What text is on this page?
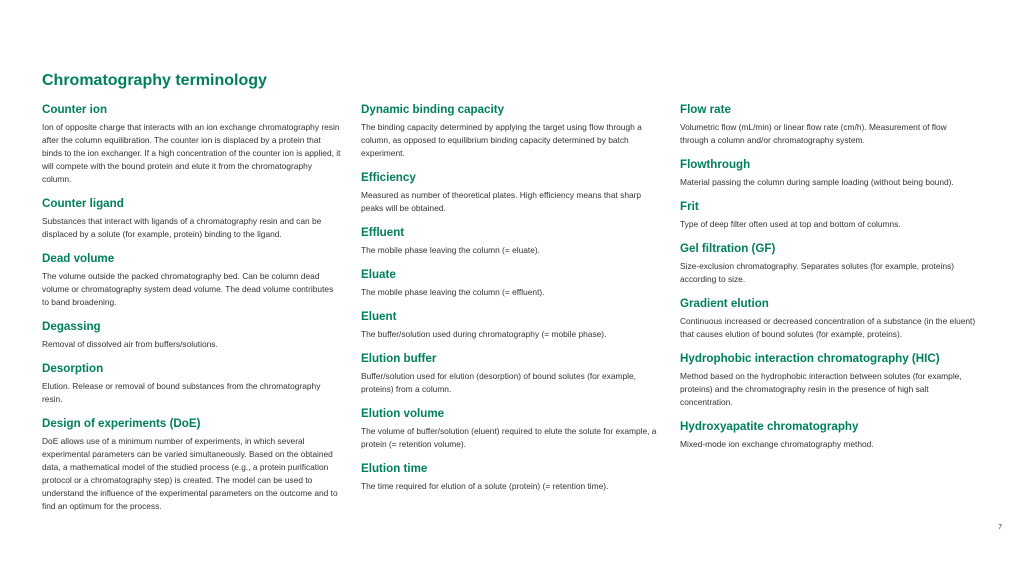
Chromatography terminology
Counter ion

Ion of opposite charge that interacts with an ion exchange chromatography resin after the column equilibration. The counter ion is displaced by a protein that binds to the ion exchanger. If a high concentration of the counter ion is applied, it will compete with the bound protein and elute it from the chromatography column.

Counter ligand

Substances that interact with ligands of a chromatography resin and can be displaced by a solute (for example, protein) binding to the ligand.

Dead volume

The volume outside the packed chromatography bed. Can be column dead volume or chromatography system dead volume. The dead volume contributes to band broadening.

Degassing

Removal of dissolved air from buffers/solutions.

Desorption

Elution. Release or removal of bound substances from the chromatography resin.

Design of experiments (DoE)

DoE allows use of a minimum number of experiments, in which several experimental parameters can be varied simultaneously. Based on the obtained data, a mathematical model of the studied process (e.g., a protein purification protocol or a chromatography step) is created. The model can be used to understand the influence of the experimental parameters on the outcome and to find an optimum for the process.

Dynamic binding capacity

The binding capacity determined by applying the target using flow through a column, as opposed to equilibrium binding capacity determined by batch experiment.

Efficiency

Measured as number of theoretical plates. High efficiency means that sharp peaks will be obtained.

Effluent

The mobile phase leaving the column (= eluate).

Eluate

The mobile phase leaving the column (= effluent).

Eluent

The buffer/solution used during chromatography (= mobile phase).

Elution buffer

Buffer/solution used for elution (desorption) of bound solutes (for example, proteins) from a column.

Elution volume

The volume of buffer/solution (eluent) required to elute the solute for example, a protein (= retention volume).

Elution time

The time required for elution of a solute (protein) (= retention time).

Flow rate

Volumetric flow (mL/min) or linear flow rate (cm/h). Measurement of flow through a column and/or chromatography system.

Flowthrough

Material passing the column during sample loading (without being bound).

Frit

Type of deep filter often used at top and bottom of columns.

Gel filtration (GF)

Size-exclusion chromatography. Separates solutes (for example, proteins) according to size.

Gradient elution

Continuous increased or decreased concentration of a substance (in the eluent) that causes elution of bound solutes (for example, proteins).

Hydrophobic interaction chromatography (HIC)

Method based on the hydrophobic interaction between solutes (for example, proteins) and the chromatography resin in the presence of high salt concentration.

Hydroxyapatite chromatography

Mixed-mode ion exchange chromatography method.

7
